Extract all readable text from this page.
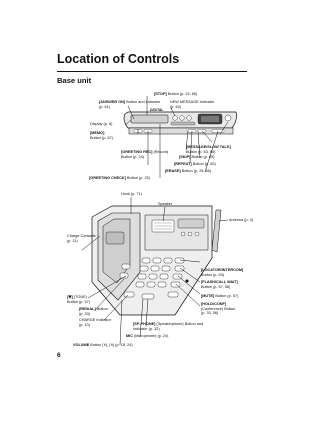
Location of Controls
Base unit
[STOP] Button (p. 24, 65)
[ANSWER ON] Button and Indicator
(p. 61)
NEW MESSAGE Indicator
(p. 63)
Display (p. 8)
[MEMO]
Button (p. 67)
[MESSAGE/SLOW TALK]
Button (p. 63, 65)
[GREETING REC] (Record)
Button (p. 24)	[SKIP] Button (p. 65)
[REPEAT] Button (p. 65)
[ERASE] Button (p. 25, 66)
[GREETING CHECK] Button (p. 25)
Hook (p. 71)
Speaker
Antenna (p. 3)
Charge Contacts
(p. 11)
[LOCATOR/INTERCOM]
Button (p. 53)
[FLASH/CALL WAIT]
Button (p. 57, 58)
[✱] (TONE)
Button (p. 57)
[MUTE] Button (p. 57)
[REDIAL] Button
(p. 33)
[HOLD/CONF]
(Conference) Button
(p. 33, 56)
CHARGE Indicator
(p. 10)	[SP-PHONE] (Speakerphone) Button and
Indicator (p. 32)
MIC (Microphone) (p. 24)
VOLUME Button [∨], [∧] (p. 18, 24)
DIGITAL
6
